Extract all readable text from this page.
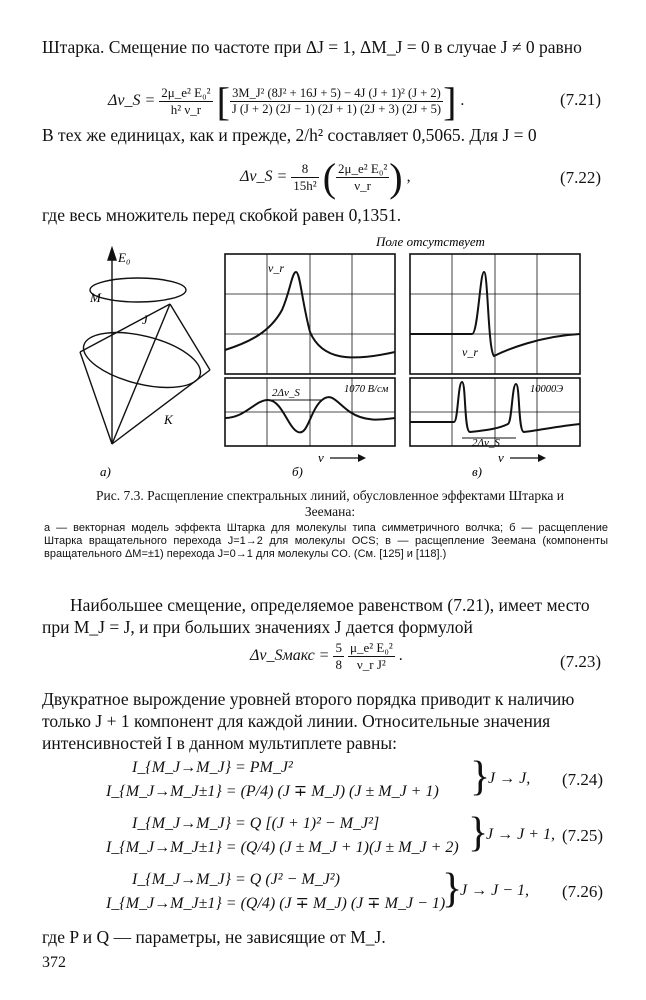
Штарка. Смещение по частоте при ΔJ = 1, ΔM_J = 0 в случае J ≠ 0 равно
Δν_S = $\frac{\text{2μ\_e² E₀²}}{\text{h² ν\_r}}$ [ $\frac{\text{3M\_J² (8J² + 16J + 5) − 4J (J + 1)² (J + 2)}}{J (J + 2) (2J - 1) (2J + 1) (2J + 3) (2J + 5)}$ ] .	(7.21)
В тех же единицах, как и прежде, 2/h² составляет 0,5065. Для J = 0
Δν_S = $\frac{8}{\text{15h²}}$ ( $\frac{\text{2μ\_e² E₀²}}{\nu\_r}$ ) ,	(7.22)
где весь множитель перед скобкой равен 0,1351.
E₀
M
J
K
а)
ν_r
2Δν_S	1070 В/см
ν
б)
Поле отсутствует
ν_r
2Δν_S
10000Э
ν
в)
Рис. 7.3. Расщепление спектральных линий, обусловленное эффектами Штарка и Зеемана:
а — векторная модель эффекта Штарка для молекулы типа симметричного волчка; б — расщепление Штарка вращательного перехода J=1→2 для молекулы OCS; в — расщепление Зеемана (компоненты вращательного ΔM=±1) перехода J=0→1 для молекулы CO. (См. [125] и [118].)
Наибольшее смещение, определяемое равенством (7.21), имеет место при M_J = J, и при больших значениях J дается формулой
Δν_Sмакс = $\frac{5}{8}$
$\frac{\text{μ\_e² E₀²}}{\text{ν\_r J²}}$ .	(7.23)
Двукратное вырождение уровней второго порядка приводит к наличию только J + 1 компонент для каждой линии. Относительные значения интенсивностей I в данном мультиплете равны:
I_{M_J→M_J} = PM_J²
I_{M_J→M_J±1} = (P/4) (J ∓ M_J) (J ± M_J + 1) }
J → J, (7.24)
I_{M_J→M_J} = Q [(J + 1)² − M_J²]
I_{M_J→M_J±1} = (Q/4) (J ± M_J + 1)(J ± M_J + 2) }
J → J + 1, (7.25)
I_{M_J→M_J} = Q (J² − M_J²)
I_{M_J→M_J±1} = (Q/4) (J ∓ M_J) (J ∓ M_J − 1)
}
J → J − 1, (7.26)
где P и Q — параметры, не зависящие от M_J.
372
